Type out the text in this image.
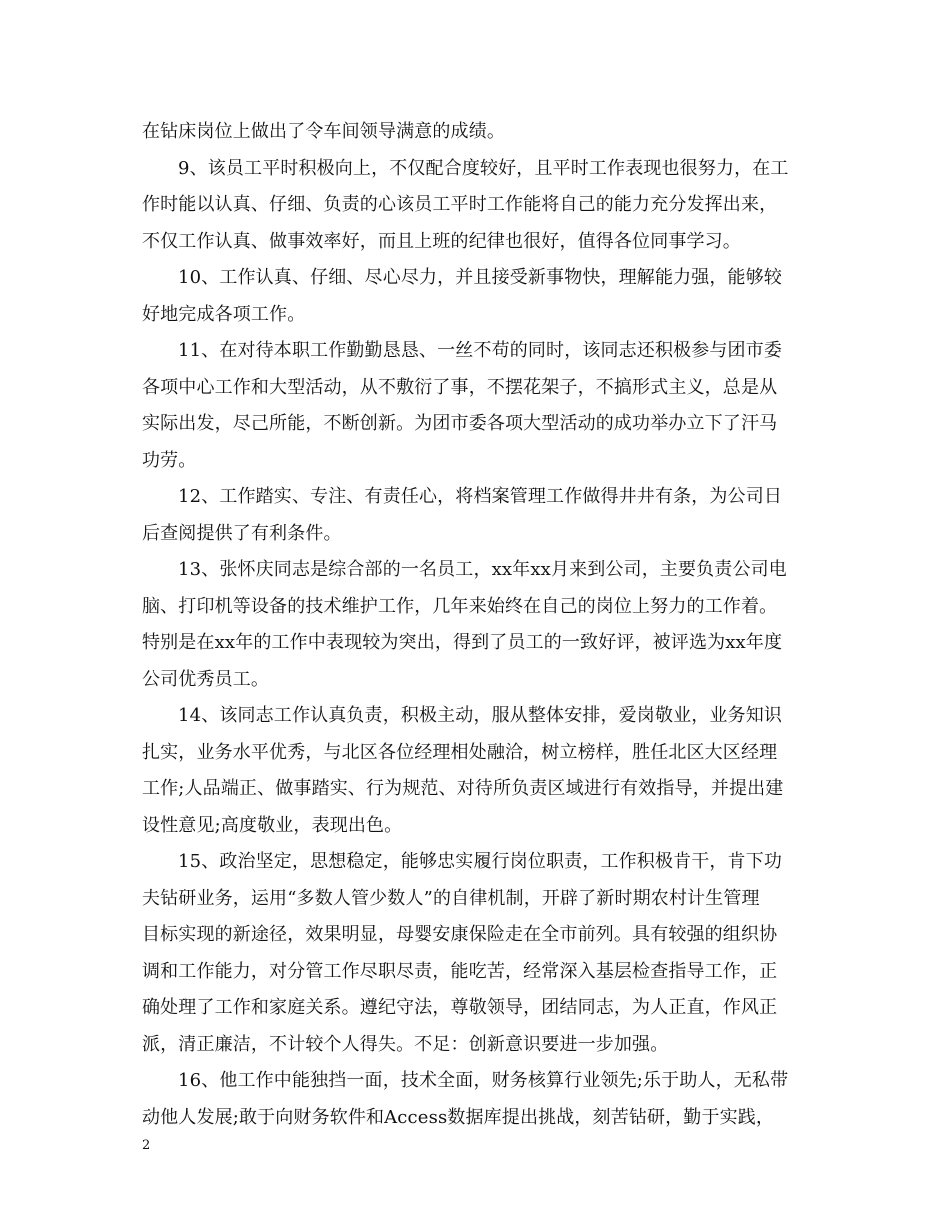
在钻床岗位上做出了令车间领导满意的成绩。
9、该员工平时积极向上，不仅配合度较好，且平时工作表现也很努力，在工
作时能以认真、仔细、负责的心该员工平时工作能将自己的能力充分发挥出来，
不仅工作认真、做事效率好，而且上班的纪律也很好，值得各位同事学习。
10、工作认真、仔细、尽心尽力，并且接受新事物快，理解能力强，能够较
好地完成各项工作。
11、在对待本职工作勤勤恳恳、一丝不苟的同时，该同志还积极参与团市委
各项中心工作和大型活动，从不敷衍了事，不摆花架子，不搞形式主义，总是从
实际出发，尽己所能，不断创新。为团市委各项大型活动的成功举办立下了汗马
功劳。
12、工作踏实、专注、有责任心，将档案管理工作做得井井有条，为公司日
后查阅提供了有利条件。
13、张怀庆同志是综合部的一名员工，xx年xx月来到公司，主要负责公司电
脑、打印机等设备的技术维护工作，几年来始终在自己的岗位上努力的工作着。
特别是在xx年的工作中表现较为突出，得到了员工的一致好评，被评选为xx年度
公司优秀员工。
14、该同志工作认真负责，积极主动，服从整体安排，爱岗敬业，业务知识
扎实，业务水平优秀，与北区各位经理相处融洽，树立榜样，胜任北区大区经理
工作;人品端正、做事踏实、行为规范、对待所负责区域进行有效指导，并提出建
设性意见;高度敬业，表现出色。
15、政治坚定，思想稳定，能够忠实履行岗位职责，工作积极肯干，肯下功
夫钻研业务，运用“多数人管少数人”的自律机制，开辟了新时期农村计生管理
目标实现的新途径，效果明显，母婴安康保险走在全市前列。具有较强的组织协
调和工作能力，对分管工作尽职尽责，能吃苦，经常深入基层检查指导工作，正
确处理了工作和家庭关系。遵纪守法，尊敬领导，团结同志，为人正直，作风正
派，清正廉洁，不计较个人得失。不足：创新意识要进一步加强。
16、他工作中能独挡一面，技术全面，财务核算行业领先;乐于助人，无私带
动他人发展;敢于向财务软件和Access数据库提出挑战，刻苦钻研，勤于实践，
2
